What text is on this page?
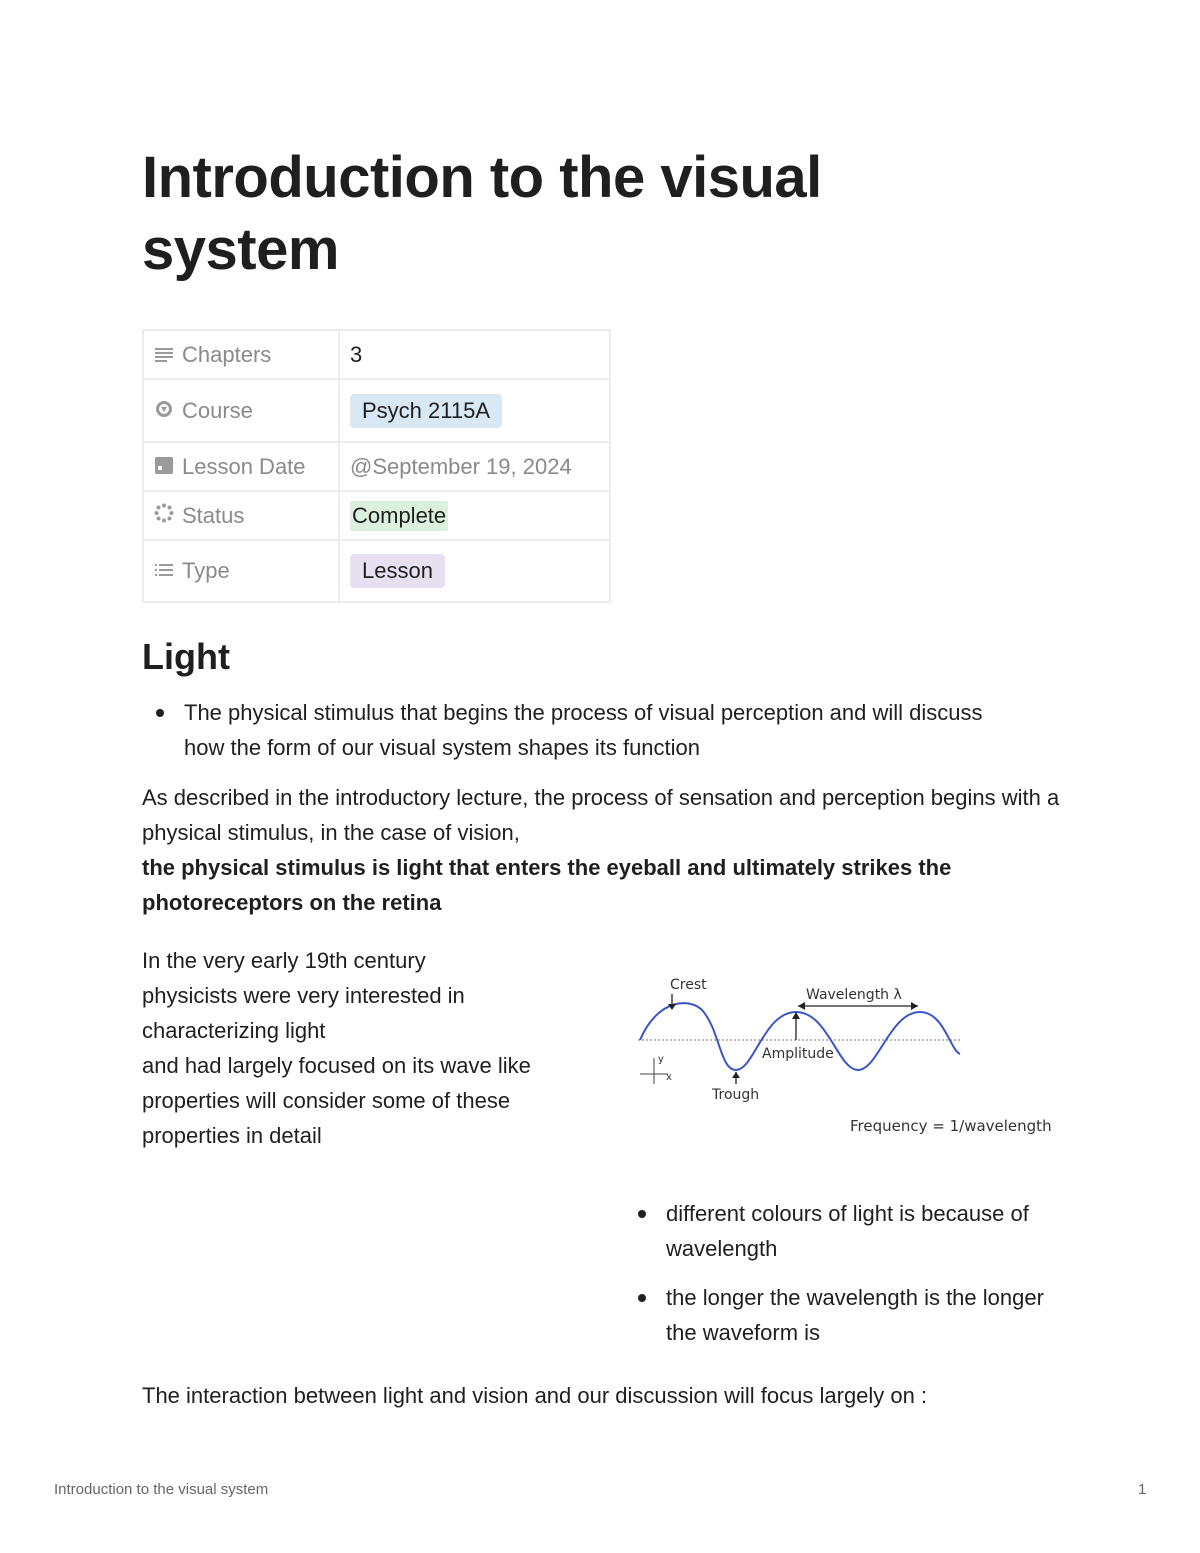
Introduction to the visual system
Chapters	3
Course	Psych 2115A
Lesson Date	@September 19, 2024
Status	Complete
Type	Lesson
Light
The physical stimulus that begins the process of visual perception and will discuss how the form of our visual system shapes its function

As described in the introductory lecture, the process of sensation and perception begins with a physical stimulus, in the case of vision,

the physical stimulus is light that enters the eyeball and ultimately strikes the photoreceptors on the retina

In the very early 19th century
physicists were very interested in characterizing light
and had largely focused on its wave like properties will consider some of these
properties in detail
Crest
Wavelength λ
Amplitude
Trough
y
x
Frequency = 1/wavelength
different colours of light is because of wavelength
the longer the wavelength is the longer the waveform is

The interaction between light and vision and our discussion will focus largely on :

Introduction to the visual system	1
